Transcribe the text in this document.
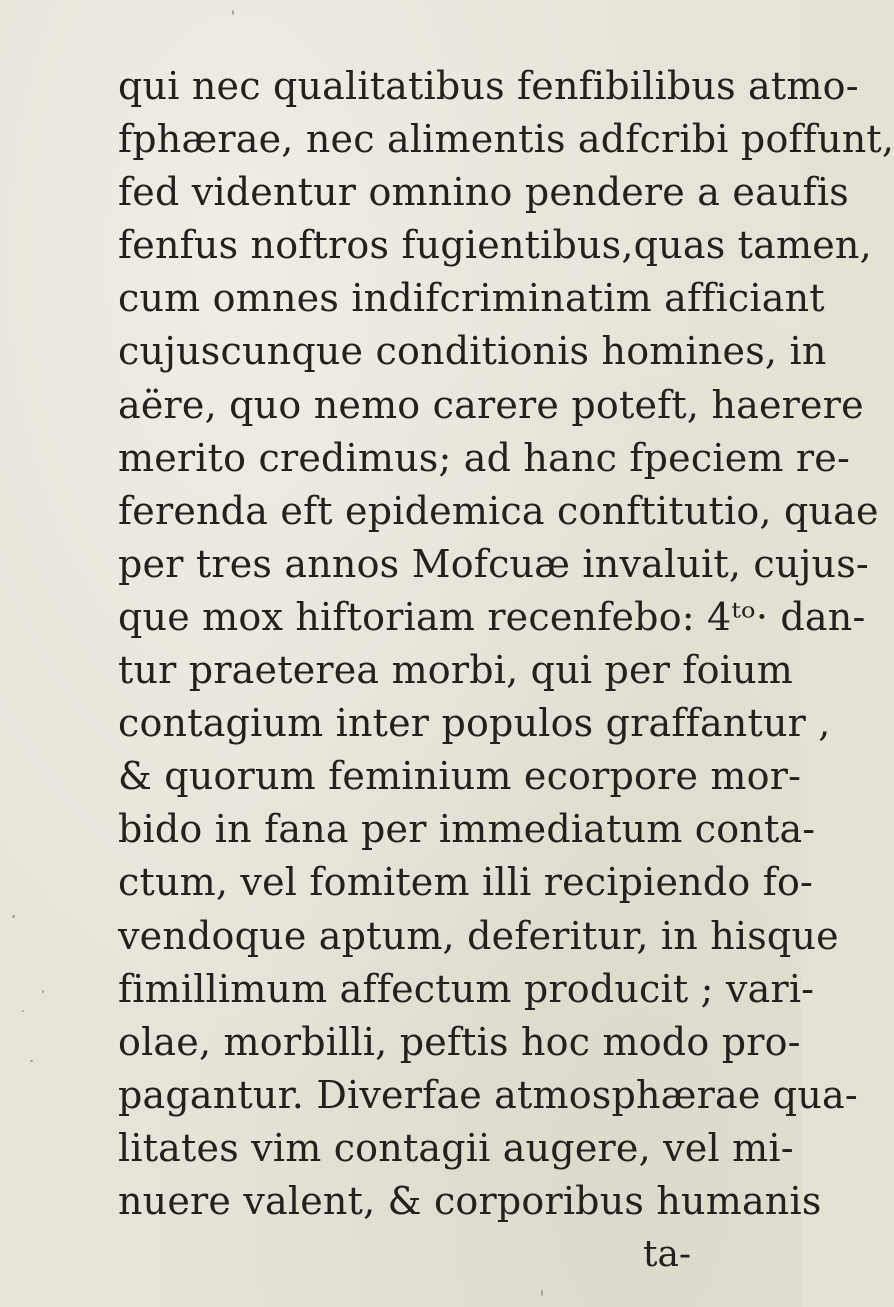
qui nec qualitatibus fenfibilibus atmo-
fphærae, nec alimentis adfcribi poffunt,
fed videntur omnino pendere a eaufis
fenfus noftros fugientibus,quas tamen,
cum omnes indifcriminatim afficiant
cujuscunque conditionis homines, in
aëre, quo nemo carere poteft, haerere
merito credimus; ad hanc fpeciem re-
ferenda eft epidemica conftitutio, quae
per tres annos Mofcuæ invaluit, cujus-
que mox hiftoriam recenfebo: 4ᵗᵒ· dan-
tur praeterea morbi, qui per foium
contagium inter populos graffantur ,
& quorum feminium ecorpore mor-
bido in fana per immediatum conta-
ctum, vel fomitem illi recipiendo fo-
vendoque aptum, deferitur, in hisque
fimillimum affectum producit ; vari-
olae, morbilli, peftis hoc modo pro-
pagantur. Diverfae atmosphærae qua-
litates vim contagii augere, vel mi-
nuere valent, & corporibus humanis
ta-
